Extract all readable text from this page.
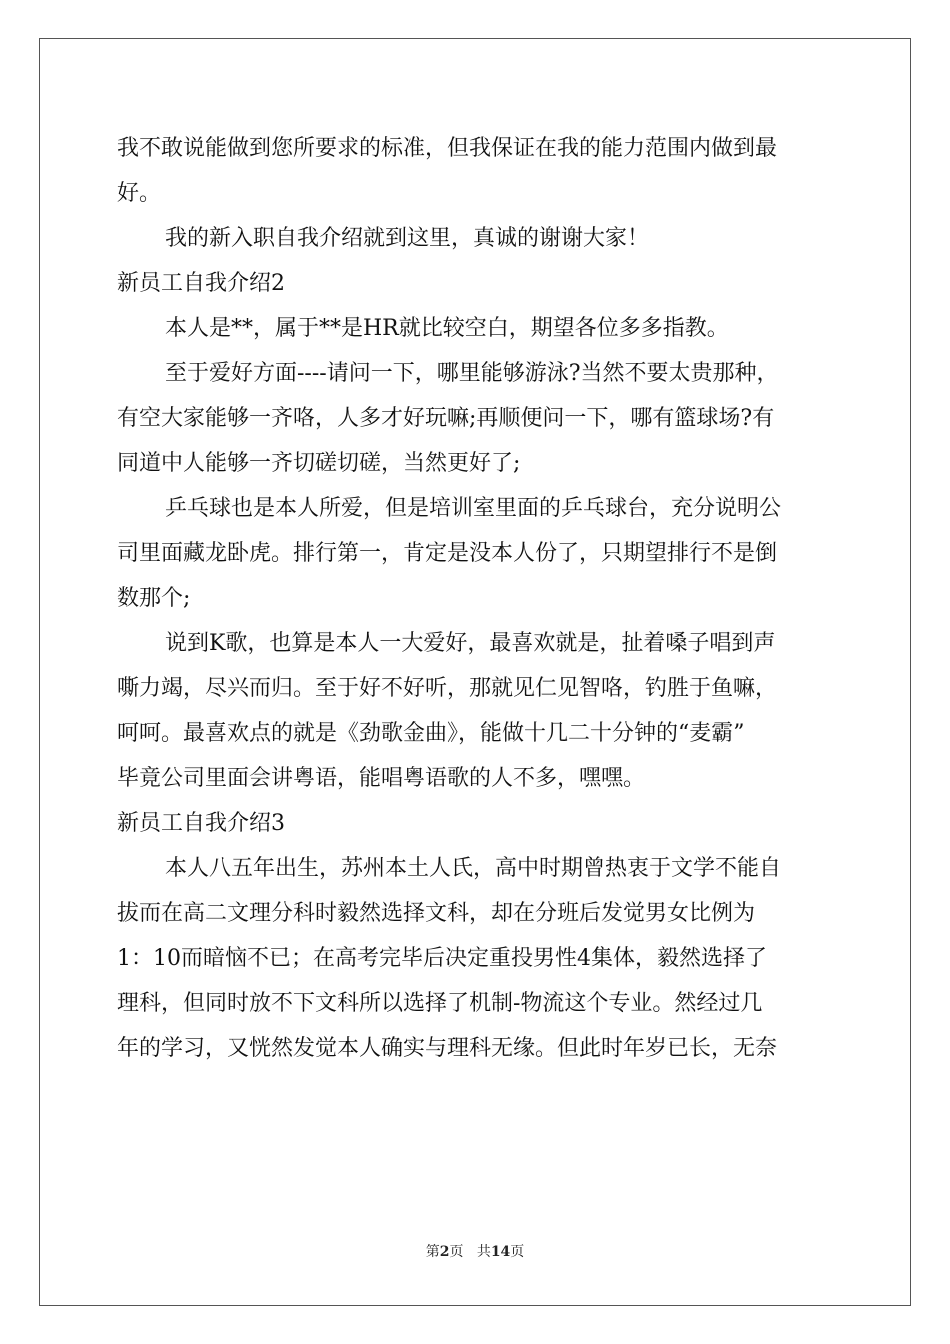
我不敢说能做到您所要求的标准，但我保证在我的能力范围内做到最
好。
我的新入职自我介绍就到这里，真诚的谢谢大家！
新员工自我介绍2
本人是**，属于**是HR就比较空白，期望各位多多指教。
至于爱好方面----请问一下，哪里能够游泳?当然不要太贵那种，
有空大家能够一齐咯，人多才好玩嘛;再顺便问一下，哪有篮球场?有
同道中人能够一齐切磋切磋，当然更好了;
乒乓球也是本人所爱，但是培训室里面的乒乓球台，充分说明公
司里面藏龙卧虎。排行第一，肯定是没本人份了，只期望排行不是倒
数那个;
说到K歌，也算是本人一大爱好，最喜欢就是，扯着嗓子唱到声
嘶力竭，尽兴而归。至于好不好听，那就见仁见智咯，钓胜于鱼嘛，
呵呵。最喜欢点的就是《劲歌金曲》，能做十几二十分钟的“麦霸”
毕竟公司里面会讲粤语，能唱粤语歌的人不多，嘿嘿。
新员工自我介绍3
本人八五年出生，苏州本土人氏，高中时期曾热衷于文学不能自
拔而在高二文理分科时毅然选择文科，却在分班后发觉男女比例为
1：10而暗恼不已；在高考完毕后决定重投男性4集体，毅然选择了
理科，但同时放不下文科所以选择了机制-物流这个专业。然经过几
年的学习，又恍然发觉本人确实与理科无缘。但此时年岁已长，无奈
第2页 共14页
